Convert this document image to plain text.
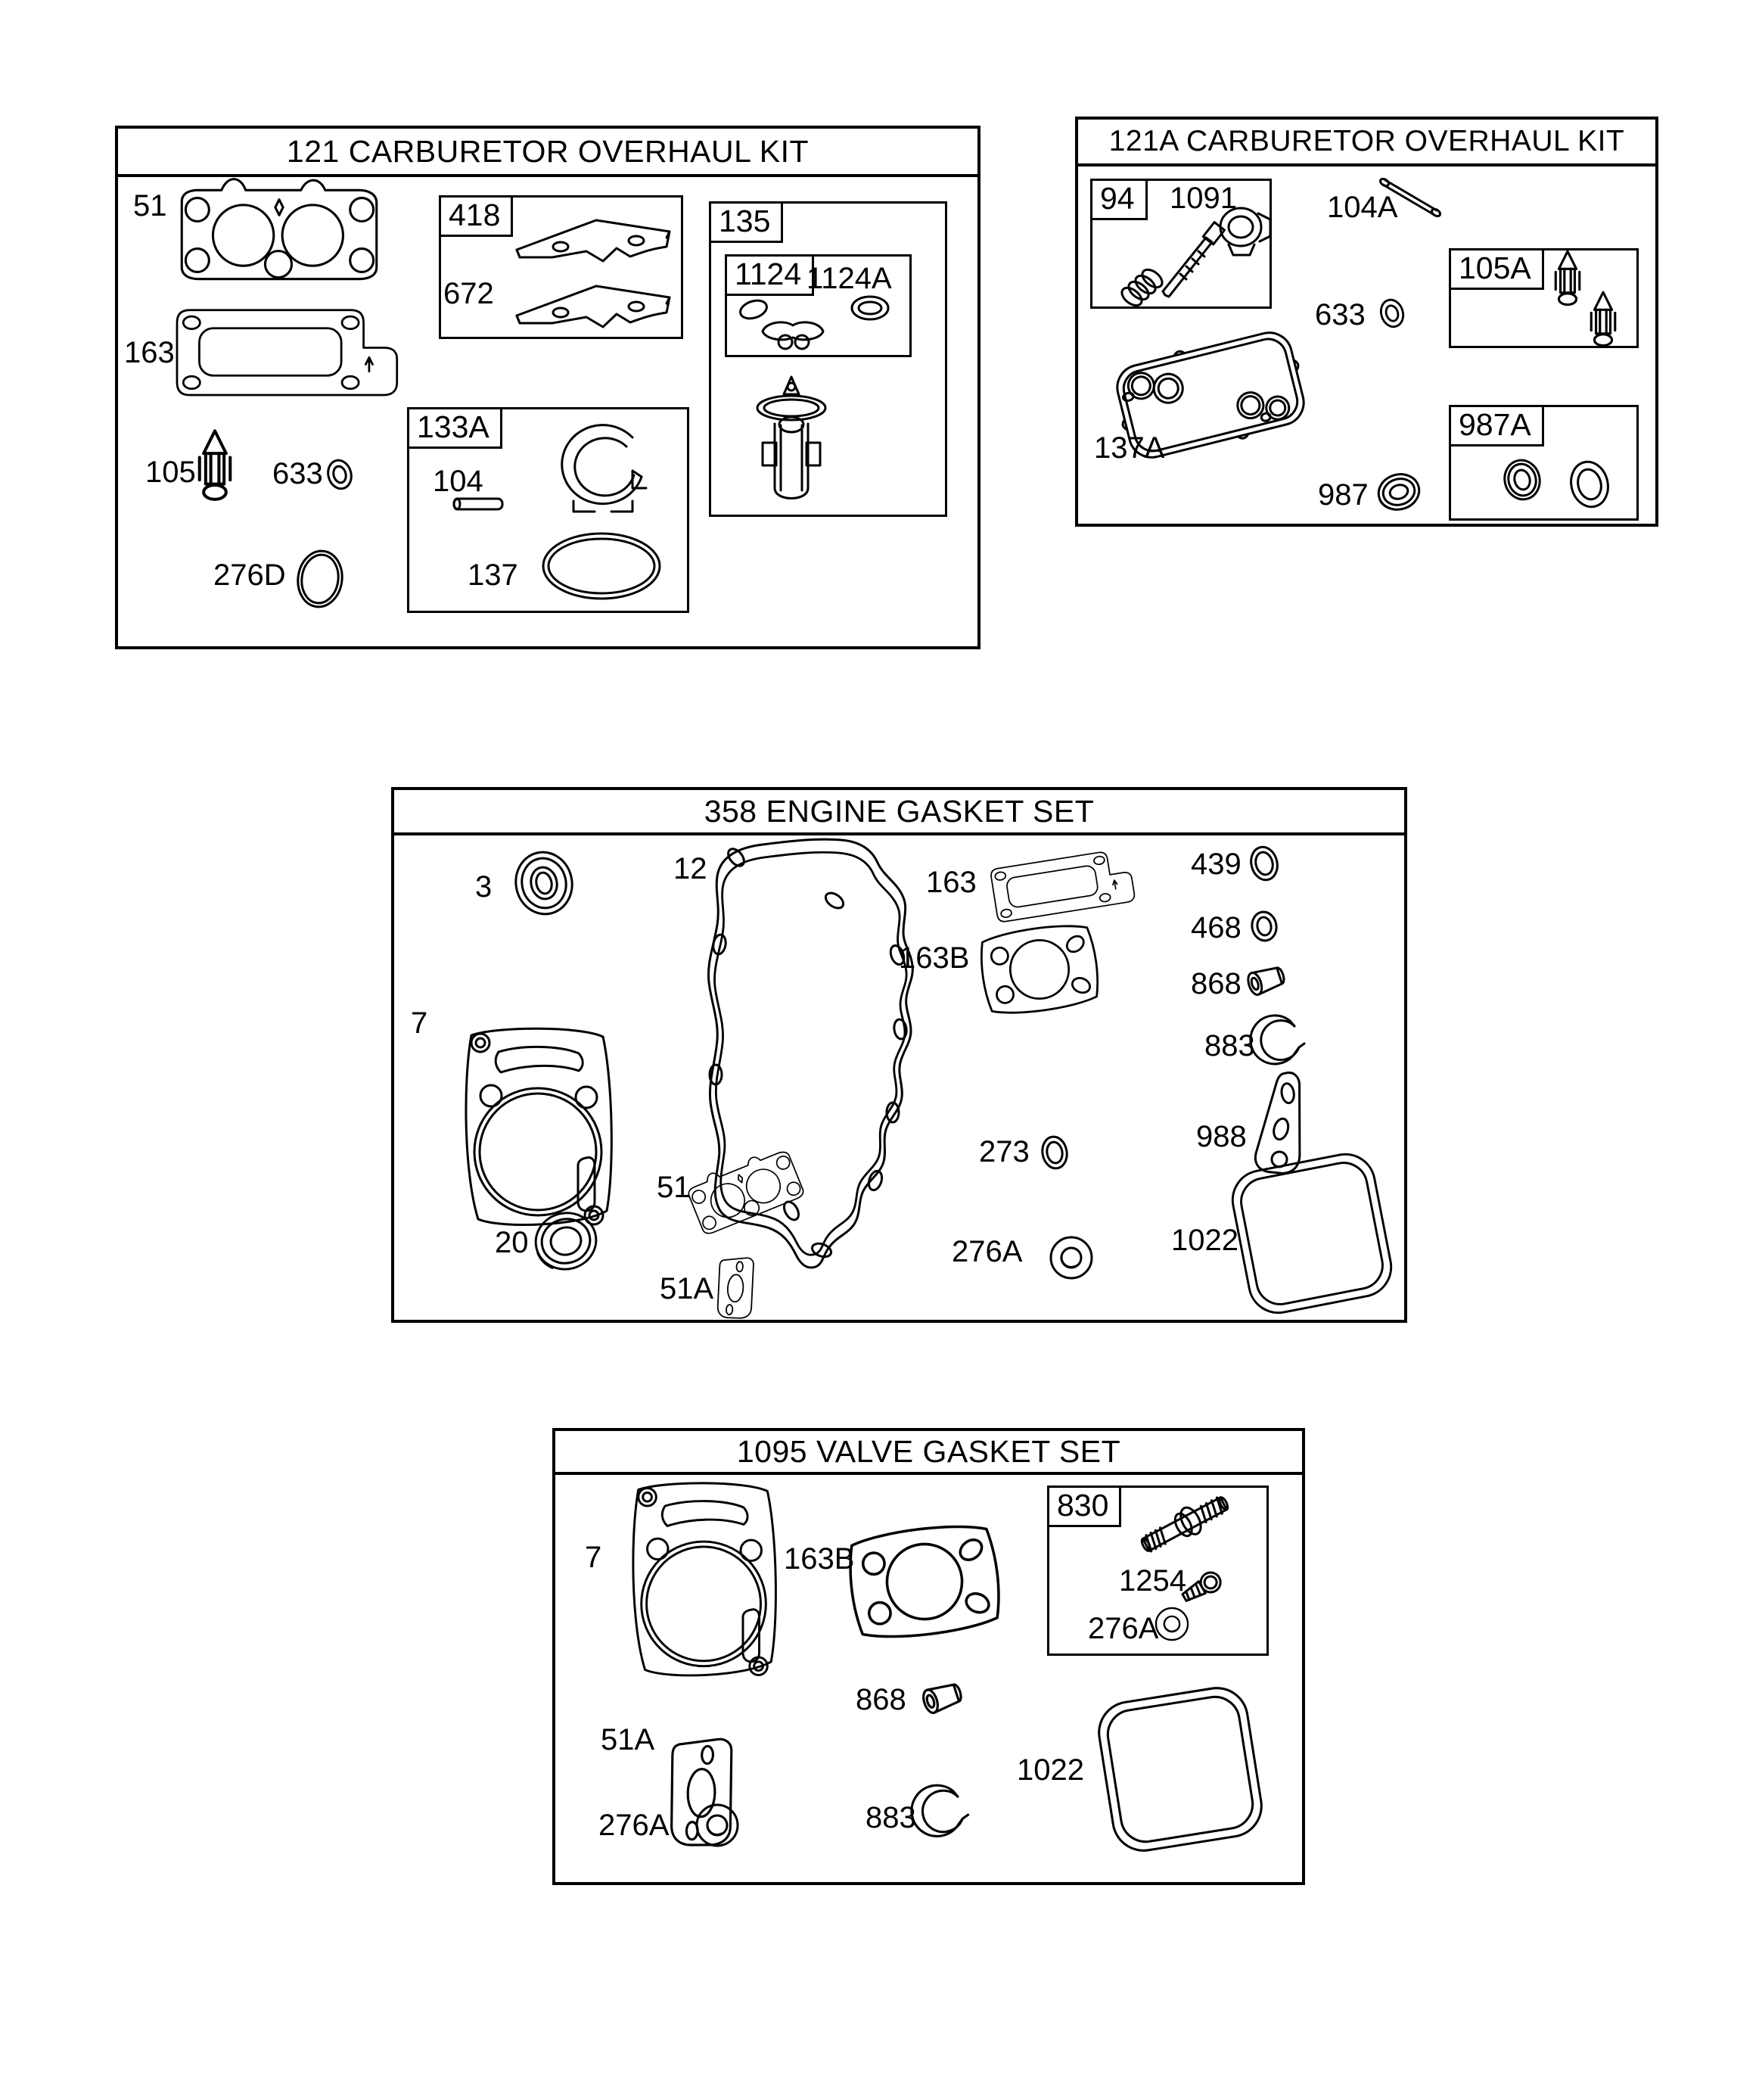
121 CARBURETOR OVERHAUL KIT
418	135
1124
133A
51
163
672	1124A
104
137
105	633
276D
121A CARBURETOR OVERHAUL KIT
94
105A
987A
1091	104A
633
137A
987
358 ENGINE GASKET SET
3
12	163
163B
439
468
868
883
988
7
20
51
51A
273
276A	1022
1095 VALVE GASKET SET
830
7	163B
1254
276A
51A
868
276A	883
1022
